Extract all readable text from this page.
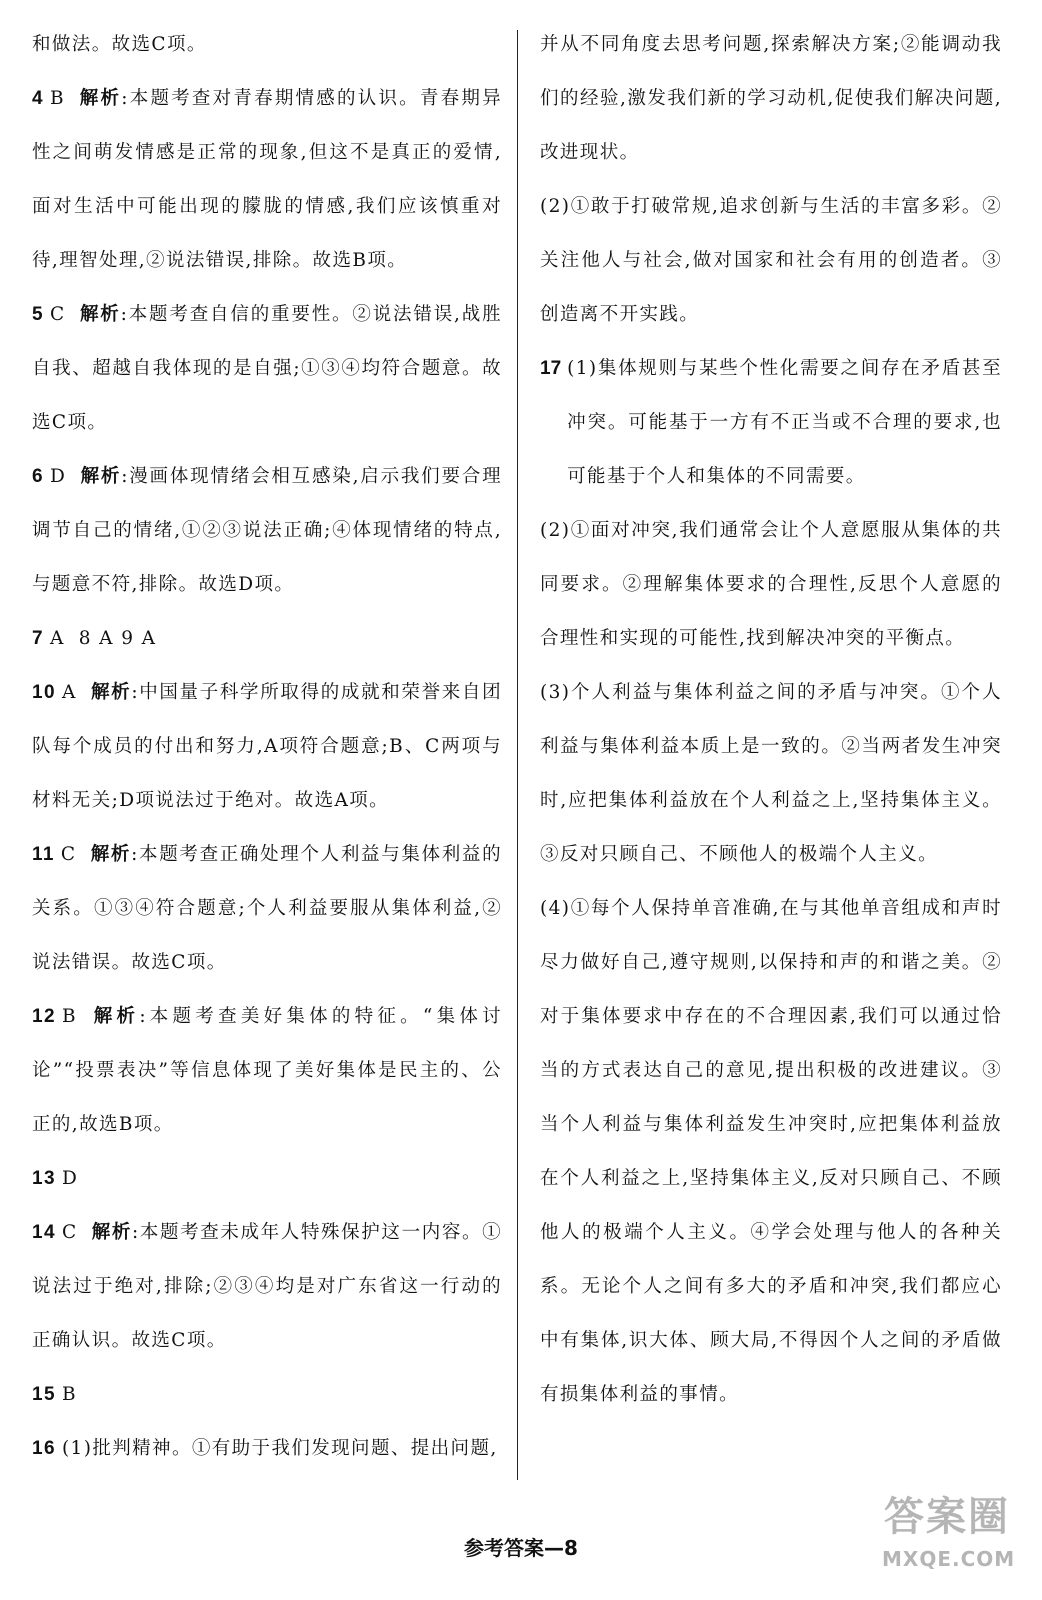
和做法。故选C项。

4 B 解析:本题考查对青春期情感的认识。青春期异性之间萌发情感是正常的现象,但这不是真正的爱情,面对生活中可能出现的朦胧的情感,我们应该慎重对待,理智处理,②说法错误,排除。故选B项。

5 C 解析:本题考查自信的重要性。②说法错误,战胜自我、超越自我体现的是自强;①③④均符合题意。故选C项。

6 D 解析:漫画体现情绪会相互感染,启示我们要合理调节自己的情绪,①②③说法正确;④体现情绪的特点,与题意不符,排除。故选D项。

7 A 8 A 9 A

10 A 解析:中国量子科学所取得的成就和荣誉来自团队每个成员的付出和努力,A项符合题意;B、C两项与材料无关;D项说法过于绝对。故选A项。

11 C 解析:本题考查正确处理个人利益与集体利益的关系。①③④符合题意;个人利益要服从集体利益,②说法错误。故选C项。

12 B 解析:本题考查美好集体的特征。“集体讨论”“投票表决”等信息体现了美好集体是民主的、公正的,故选B项。

13 D

14 C 解析:本题考查未成年人特殊保护这一内容。①说法过于绝对,排除;②③④均是对广东省这一行动的正确认识。故选C项。

15 B

16 (1)批判精神。①有助于我们发现问题、提出问题,

并从不同角度去思考问题,探索解决方案;②能调动我们的经验,激发我们新的学习动机,促使我们解决问题,改进现状。

(2)①敢于打破常规,追求创新与生活的丰富多彩。②关注他人与社会,做对国家和社会有用的创造者。③创造离不开实践。

17 (1)集体规则与某些个性化需要之间存在矛盾甚至冲突。可能基于一方有不正当或不合理的要求,也可能基于个人和集体的不同需要。

(2)①面对冲突,我们通常会让个人意愿服从集体的共同要求。②理解集体要求的合理性,反思个人意愿的合理性和实现的可能性,找到解决冲突的平衡点。

(3)个人利益与集体利益之间的矛盾与冲突。①个人利益与集体利益本质上是一致的。②当两者发生冲突时,应把集体利益放在个人利益之上,坚持集体主义。③反对只顾自己、不顾他人的极端个人主义。

(4)①每个人保持单音准确,在与其他单音组成和声时尽力做好自己,遵守规则,以保持和声的和谐之美。②对于集体要求中存在的不合理因素,我们可以通过恰当的方式表达自己的意见,提出积极的改进建议。③当个人利益与集体利益发生冲突时,应把集体利益放在个人利益之上,坚持集体主义,反对只顾自己、不顾他人的极端个人主义。④学会处理与他人的各种关系。无论个人之间有多大的矛盾和冲突,我们都应心中有集体,识大体、顾大局,不得因个人之间的矛盾做有损集体利益的事情。

参考答案—8
答案圈
MXQE.COM
